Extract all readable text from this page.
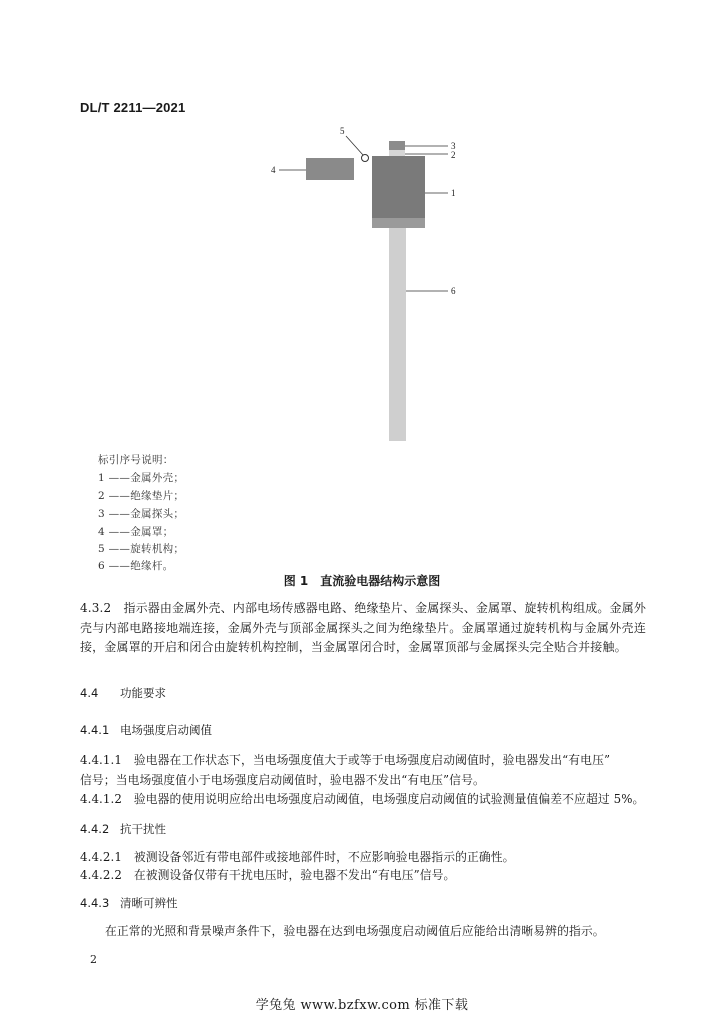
DL/T 2211—2021
5
3
2
4
1
6
标引序号说明：
1 ——金属外壳；
2 ——绝缘垫片；
3 ——金属探头；
4 ——金属罩；
5 ——旋转机构；
6 ——绝缘杆。
图 1　直流验电器结构示意图
4.3.2　指示器由金属外壳、内部电场传感器电路、绝缘垫片、金属探头、金属罩、旋转机构组成。金属外壳与内部电路接地端连接，金属外壳与顶部金属探头之间为绝缘垫片。金属罩通过旋转机构与金属外壳连接，金属罩的开启和闭合由旋转机构控制，当金属罩闭合时，金属罩顶部与金属探头完全贴合并接触。
4.4 功能要求
4.4.1 电场强度启动阈值
4.4.1.1　验电器在工作状态下，当电场强度值大于或等于电场强度启动阈值时，验电器发出“有电压”
信号；当电场强度值小于电场强度启动阈值时，验电器不发出“有电压”信号。
4.4.1.2　验电器的使用说明应给出电场强度启动阈值，电场强度启动阈值的试验测量值偏差不应超过 5%。
4.4.2 抗干扰性
4.4.2.1　被测设备邻近有带电部件或接地部件时，不应影响验电器指示的正确性。
4.4.2.2　在被测设备仅带有干扰电压时，验电器不发出“有电压”信号。
4.4.3 清晰可辨性
在正常的光照和背景噪声条件下，验电器在达到电场强度启动阈值后应能给出清晰易辨的指示。
2
学兔兔 www.bzfxw.com 标准下载
